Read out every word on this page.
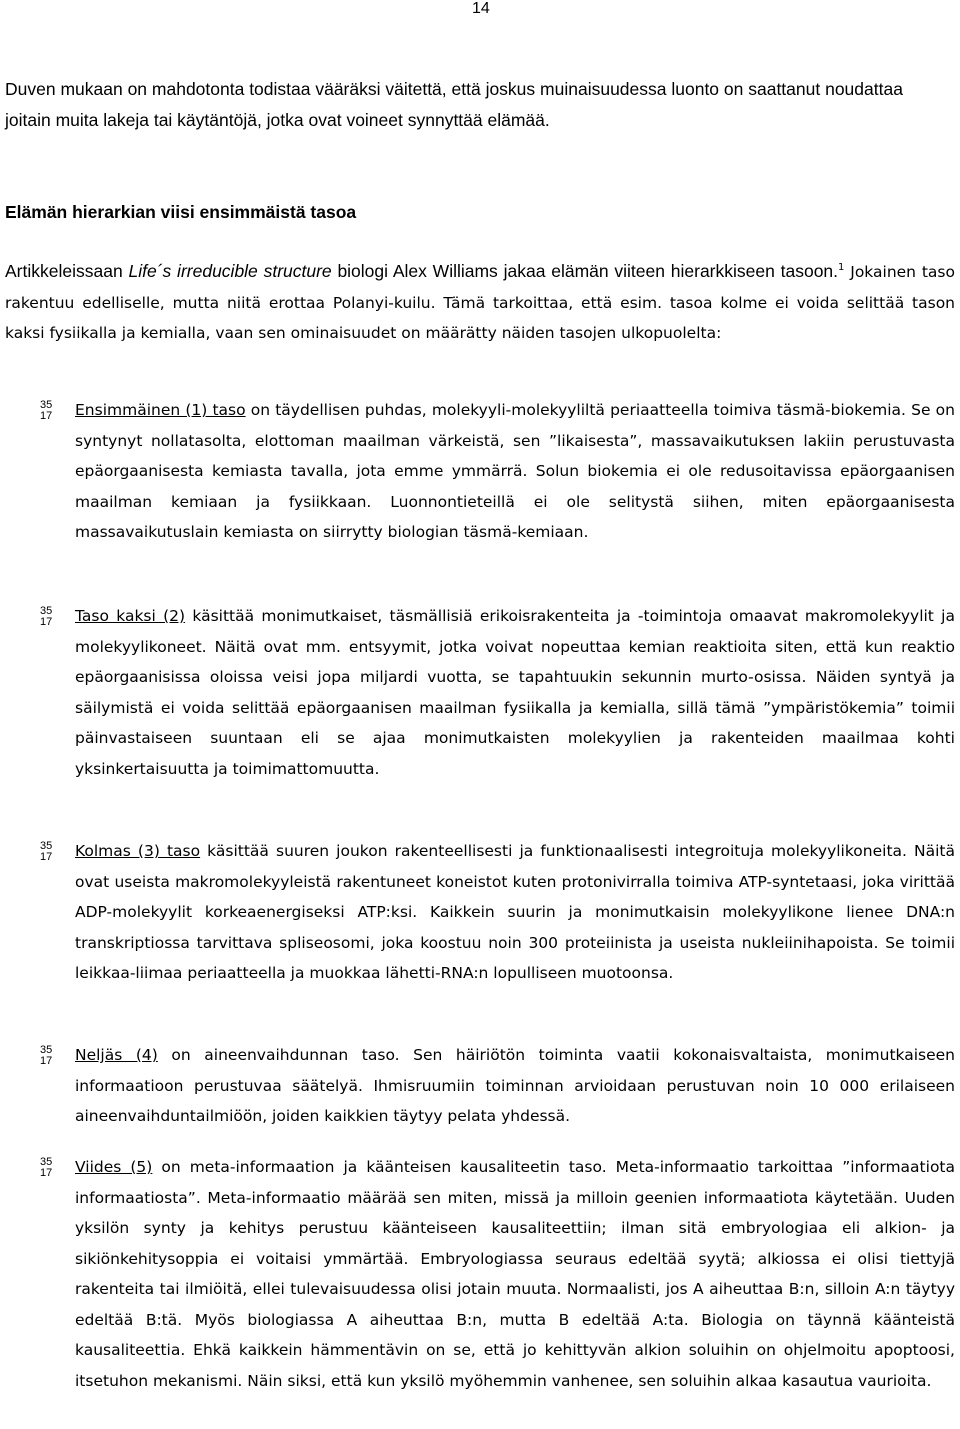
14

Duven mukaan on mahdotonta todistaa vääräksi väitettä, että joskus muinaisuudessa luonto on saattanut noudattaa joitain muita lakeja tai käytäntöjä, jotka ovat voineet synnyttää elämää.

Elämän hierarkian viisi ensimmäistä tasoa

Artikkeleissaan Life´s irreducible structure biologi Alex Williams jakaa elämän viiteen hierarkkiseen tasoon.$^1$ Jokainen taso rakentuu edelliselle, mutta niitä erottaa Polanyi-kuilu. Tämä tarkoittaa, että esim. tasoa kolme ei voida selittää tason kaksi fysiikalla ja kemialla, vaan sen ominaisuudet on määrätty näiden tasojen ulkopuolelta:

35
17 Ensimmäinen (1) taso on täydellisen puhdas, molekyyli-molekyyliltä periaatteella toimiva täsmä-biokemia. Se on syntynyt nollatasolta, elottoman maailman värkeistä, sen ”likaisesta”, massavaikutuksen lakiin perustuvasta epäorgaanisesta kemiasta tavalla, jota emme ymmärrä. Solun biokemia ei ole redusoitavissa epäorgaanisen maailman kemiaan ja fysiikkaan. Luonnontieteillä ei ole selitystä siihen, miten epäorgaanisesta massavaikutuslain kemiasta on siirrytty biologian täsmä-kemiaan.

35
17 Taso kaksi (2) käsittää monimutkaiset, täsmällisiä erikoisrakenteita ja -toimintoja omaavat makromolekyylit ja molekyylikoneet. Näitä ovat mm. entsyymit, jotka voivat nopeuttaa kemian reaktioita siten, että kun reaktio epäorgaanisissa oloissa veisi jopa miljardi vuotta, se tapahtuukin sekunnin murto-osissa. Näiden syntyä ja säilymistä ei voida selittää epäorgaanisen maailman fysiikalla ja kemialla, sillä tämä ”ympäristökemia” toimii päinvastaiseen suuntaan eli se ajaa monimutkaisten molekyylien ja rakenteiden maailmaa kohti yksinkertaisuutta ja toimimattomuutta.

35
17 Kolmas (3) taso käsittää suuren joukon rakenteellisesti ja funktionaalisesti integroituja molekyylikoneita. Näitä ovat useista makromolekyyleistä rakentuneet koneistot kuten protonivirralla toimiva ATP-syntetaasi, joka virittää ADP-molekyylit korkeaenergiseksi ATP:ksi. Kaikkein suurin ja monimutkaisin molekyylikone lienee DNA:n transkriptiossa tarvittava spliseosomi, joka koostuu noin 300 proteiinista ja useista nukleiinihapoista. Se toimii leikkaa-liimaa periaatteella ja muokkaa lähetti-RNA:n lopulliseen muotoonsa.

35
17 Neljäs (4) on aineenvaihdunnan taso. Sen häiriötön toiminta vaatii kokonaisvaltaista, monimutkaiseen informaatioon perustuvaa säätelyä. Ihmisruumiin toiminnan arvioidaan perustuvan noin 10 000 erilaiseen aineenvaihduntailmiöön, joiden kaikkien täytyy pelata yhdessä.

35
17 Viides (5) on meta-informaation ja käänteisen kausaliteetin taso. Meta-informaatio tarkoittaa ”informaatiota informaatiosta”. Meta-informaatio määrää sen miten, missä ja milloin geenien informaatiota käytetään. Uuden yksilön synty ja kehitys perustuu käänteiseen kausaliteettiin; ilman sitä embryologiaa eli alkion- ja sikiönkehitysoppia ei voitaisi ymmärtää. Embryologiassa seuraus edeltää syytä; alkiossa ei olisi tiettyjä rakenteita tai ilmiöitä, ellei tulevaisuudessa olisi jotain muuta. Normaalisti, jos A aiheuttaa B:n, silloin A:n täytyy edeltää B:tä. Myös biologiassa A aiheuttaa B:n, mutta B edeltää A:ta. Biologia on täynnä käänteistä kausaliteettia. Ehkä kaikkein hämmentävin on se, että jo kehittyvän alkion soluihin on ohjelmoitu apoptoosi, itsetuhon mekanismi. Näin siksi, että kun yksilö myöhemmin vanhenee, sen soluihin alkaa kasautua vaurioita.
